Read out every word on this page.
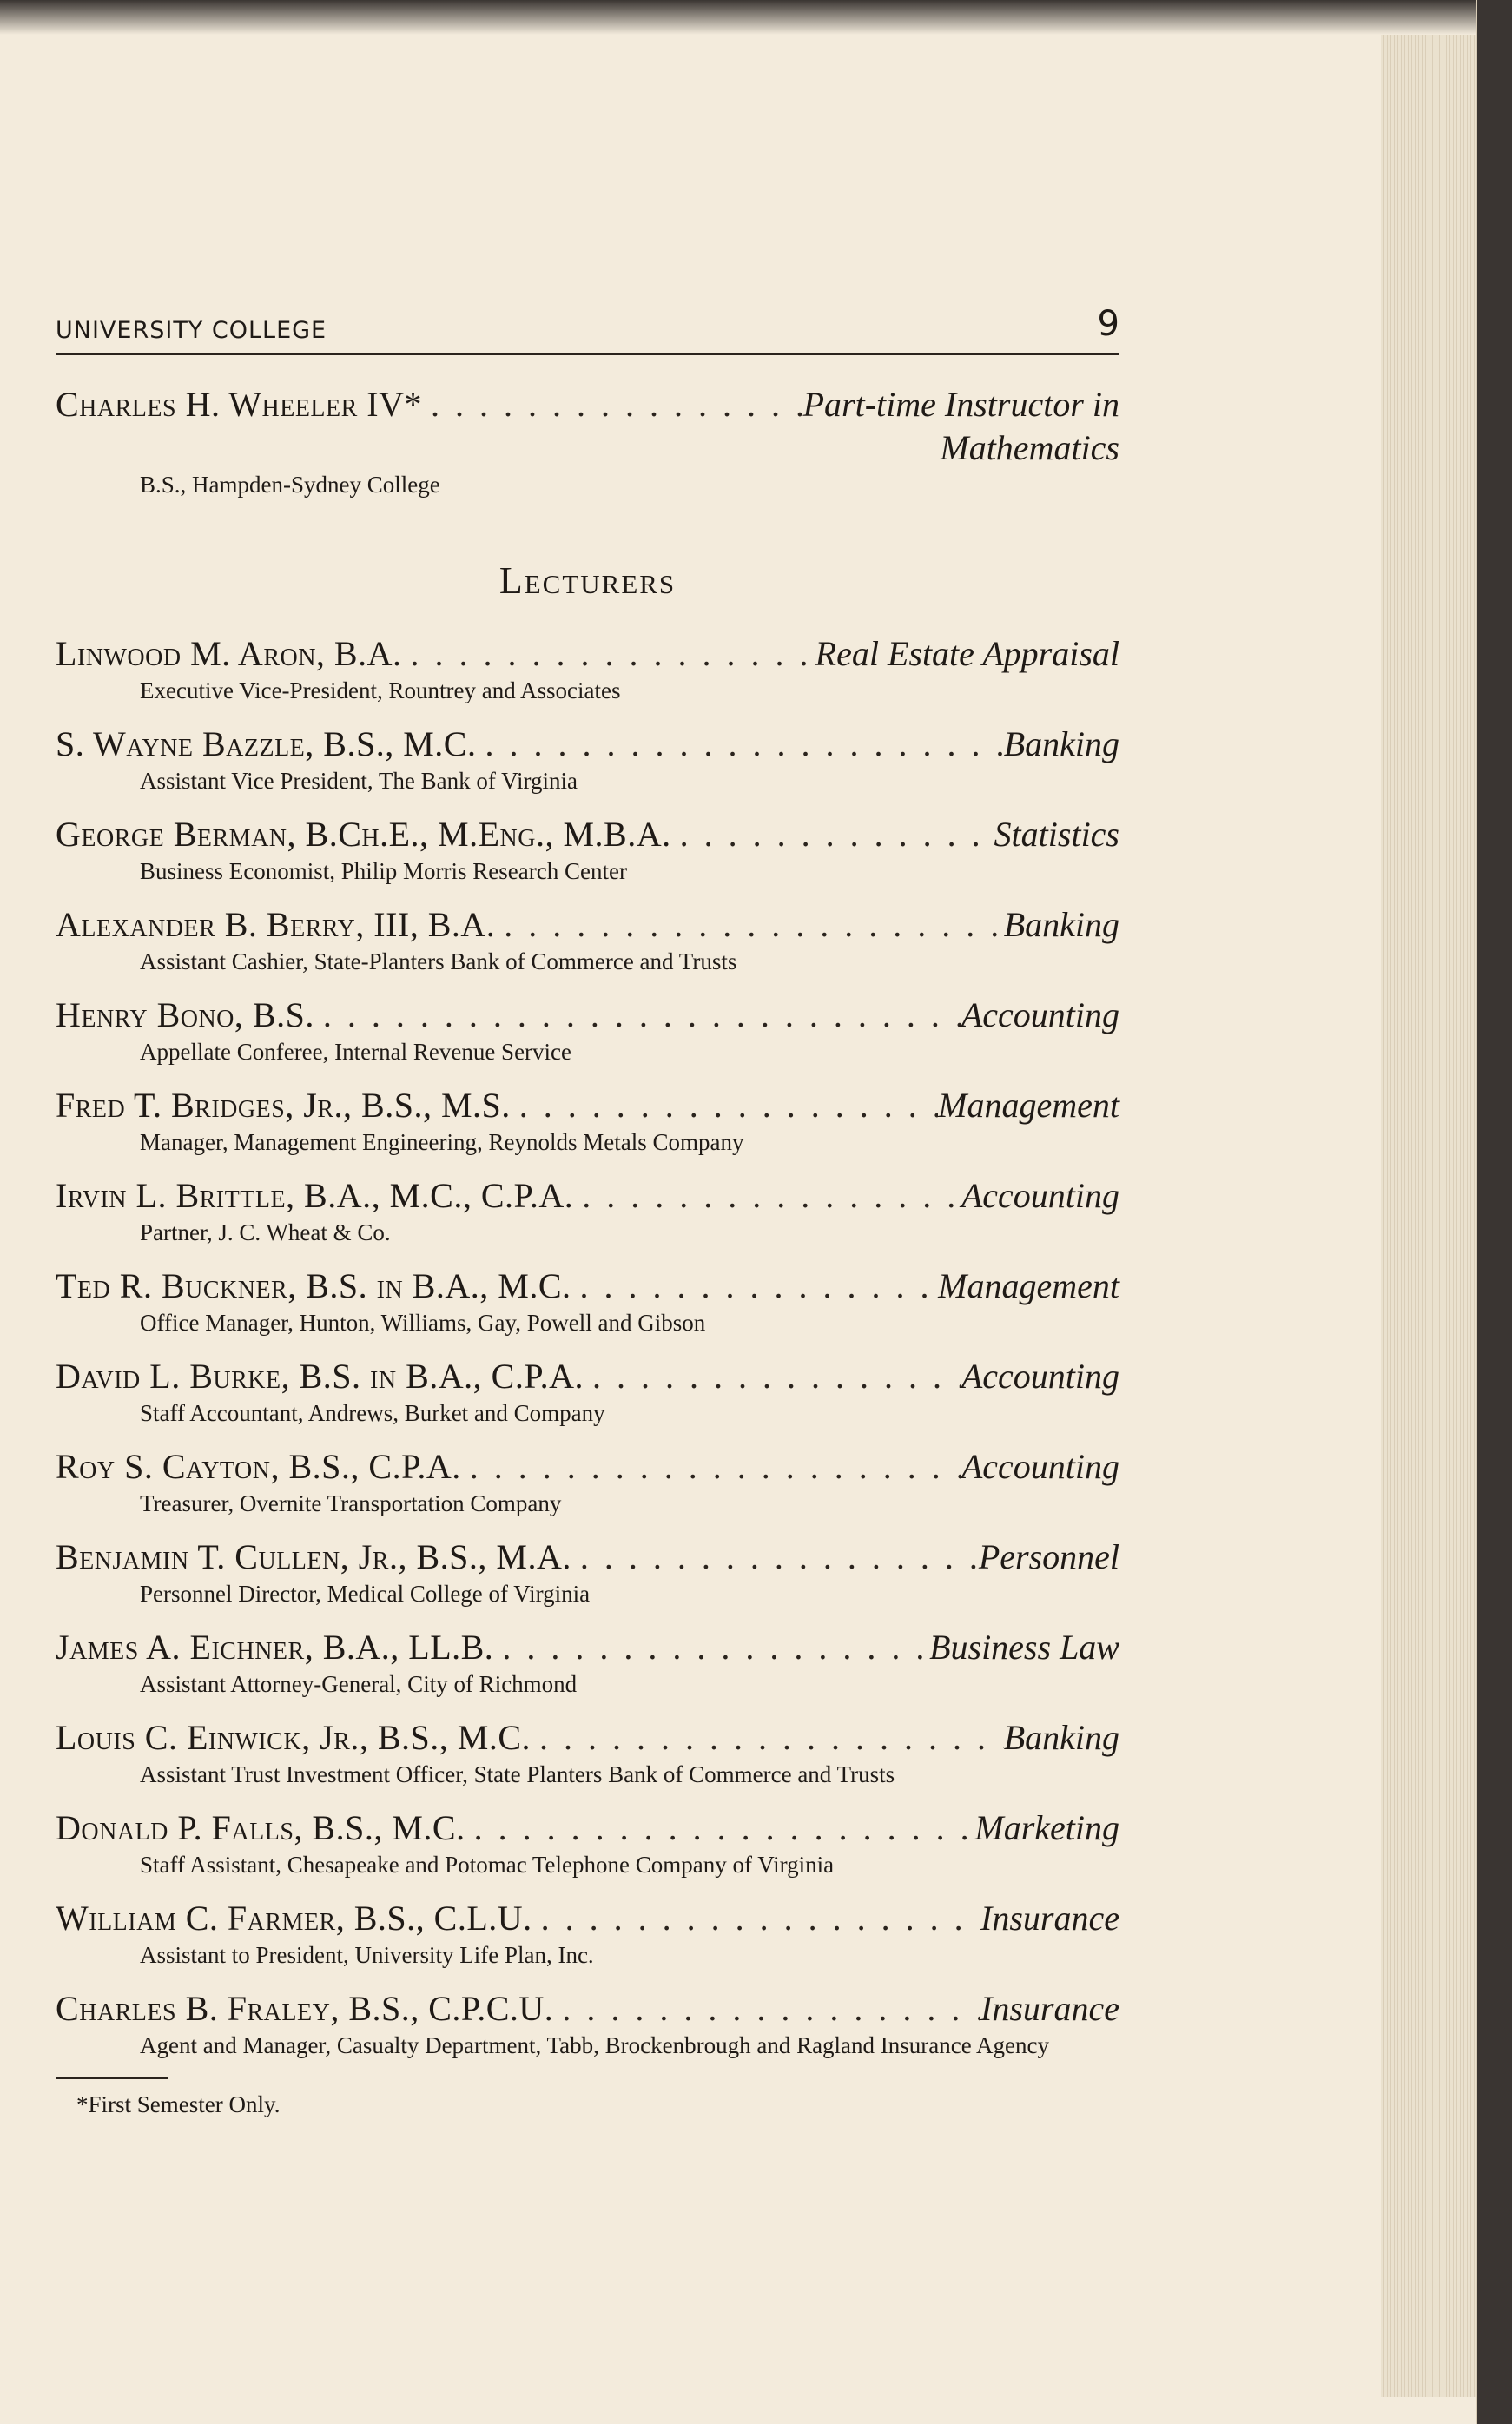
UNIVERSITY COLLEGE	9
Charles H. Wheeler IV* . . .	Part-time Instructor in
Mathematics
B.S., Hampden-Sydney College
Lecturers
Linwood M. Aron, B.A. . . .	Real Estate Appraisal
Executive Vice-President, Rountrey and Associates
S. Wayne Bazzle, B.S., M.C. . . .	Banking
Assistant Vice President, The Bank of Virginia
George Berman, B.Ch.E., M.Eng., M.B.A. . . .	Statistics
Business Economist, Philip Morris Research Center
Alexander B. Berry, III, B.A. . . .	Banking
Assistant Cashier, State-Planters Bank of Commerce and Trusts
Henry Bono, B.S. . . .	Accounting
Appellate Conferee, Internal Revenue Service
Fred T. Bridges, Jr., B.S., M.S. . . .	Management
Manager, Management Engineering, Reynolds Metals Company
Irvin L. Brittle, B.A., M.C., C.P.A. . . .	Accounting
Partner, J. C. Wheat & Co.
Ted R. Buckner, B.S. in B.A., M.C. . . .	Management
Office Manager, Hunton, Williams, Gay, Powell and Gibson
David L. Burke, B.S. in B.A., C.P.A. . . .	Accounting
Staff Accountant, Andrews, Burket and Company
Roy S. Cayton, B.S., C.P.A. . . .	Accounting
Treasurer, Overnite Transportation Company
Benjamin T. Cullen, Jr., B.S., M.A. . . .	Personnel
Personnel Director, Medical College of Virginia
James A. Eichner, B.A., LL.B. . . .	Business Law
Assistant Attorney-General, City of Richmond
Louis C. Einwick, Jr., B.S., M.C. . . .	Banking
Assistant Trust Investment Officer, State Planters Bank of Commerce and Trusts
Donald P. Falls, B.S., M.C. . . .	Marketing
Staff Assistant, Chesapeake and Potomac Telephone Company of Virginia
William C. Farmer, B.S., C.L.U. . . .	Insurance
Assistant to President, University Life Plan, Inc.
Charles B. Fraley, B.S., C.P.C.U. . . .	Insurance
Agent and Manager, Casualty Department, Tabb, Brockenbrough and Ragland Insurance Agency
*First Semester Only.
